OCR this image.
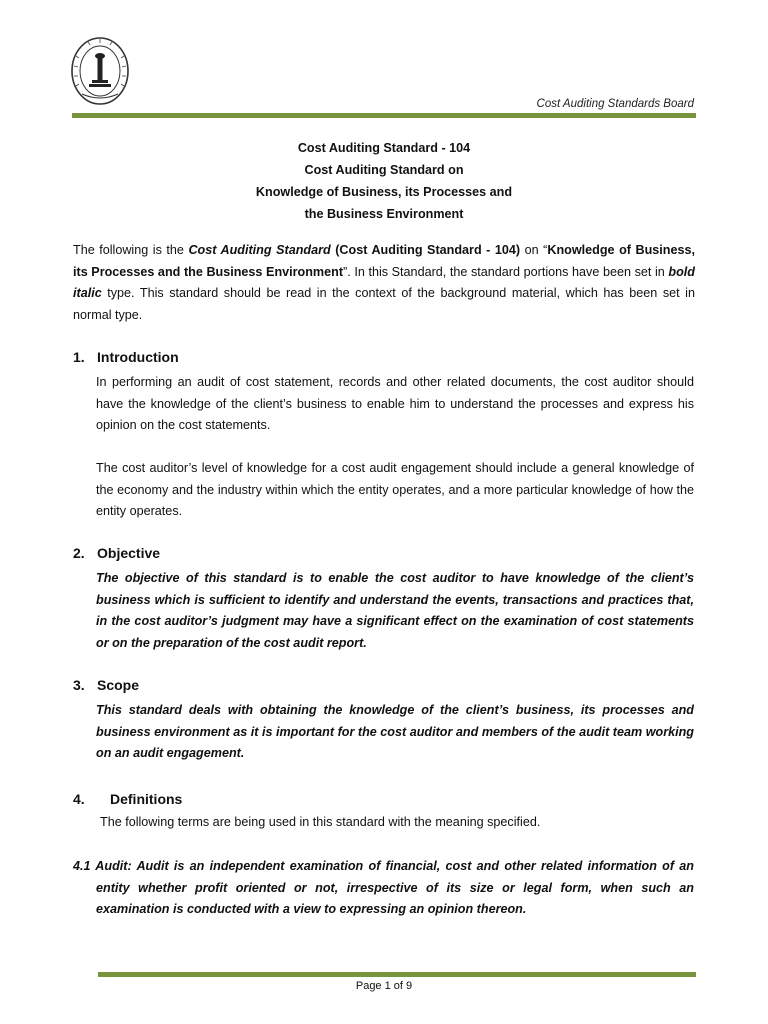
Cost Auditing Standards Board
Cost Auditing Standard - 104
Cost Auditing Standard on
Knowledge of Business, its Processes and
the Business Environment
The following is the Cost Auditing Standard (Cost Auditing Standard - 104) on “Knowledge of Business, its Processes and the Business Environment”. In this Standard, the standard portions have been set in bold italic type. This standard should be read in the context of the background material, which has been set in normal type.
1. Introduction
In performing an audit of cost statement, records and other related documents, the cost auditor should have the knowledge of the client’s business to enable him to understand the processes and express his opinion on the cost statements.
The cost auditor’s level of knowledge for a cost audit engagement should include a general knowledge of the economy and the industry within which the entity operates, and a more particular knowledge of how the entity operates.
2. Objective
The objective of this standard is to enable the cost auditor to have knowledge of the client’s business which is sufficient to identify and understand the events, transactions and practices that, in the cost auditor’s judgment may have a significant effect on the examination of cost statements or on the preparation of the cost audit report.
3. Scope
This standard deals with obtaining the knowledge of the client’s business, its processes and business environment as it is important for the cost auditor and members of the audit team working on an audit engagement.
4. Definitions
The following terms are being used in this standard with the meaning specified.
4.1 Audit: Audit is an independent examination of financial, cost and other related information of an entity whether profit oriented or not, irrespective of its size or legal form, when such an examination is conducted with a view to expressing an opinion thereon.
Page 1 of 9
